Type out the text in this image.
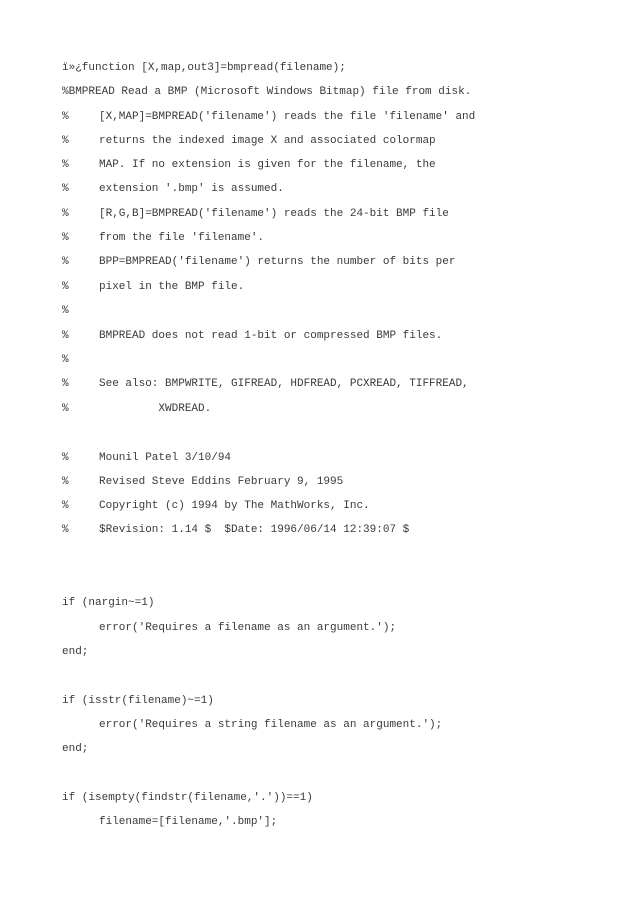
ï»¿function [X,map,out3]=bmpread(filename);
%BMPREAD Read a BMP (Microsoft Windows Bitmap) file from disk.

%

	[X,MAP]=BMPREAD('filename') reads the file 'filename' and

%

	returns the indexed image X and associated colormap

%

	MAP. If no extension is given for the filename, the

%

	extension '.bmp' is assumed.

%

	[R,G,B]=BMPREAD('filename') reads the 24-bit BMP file

%

	from the file 'filename'.

%

	BPP=BMPREAD('filename') returns the number of bits per

%

	pixel in the BMP file.

%

%

	BMPREAD does not read 1-bit or compressed BMP files.

%

%

	See also: BMPWRITE, GIFREAD, HDFREAD, PCXREAD, TIFFREAD,

%

	XWDREAD.

%

	Mounil Patel 3/10/94

%

	Revised Steve Eddins February 9, 1995

%

	Copyright (c) 1994 by The MathWorks, Inc.

%

	$Revision: 1.14 $  $Date: 1996/06/14 12:39:07 $

if (nargin~=1)

error('Requires a filename as an argument.');

end;
if (isstr(filename)~=1)

error('Requires a string filename as an argument.');

end;
if (isempty(findstr(filename,'.'))==1)

filename=[filename,'.bmp'];
